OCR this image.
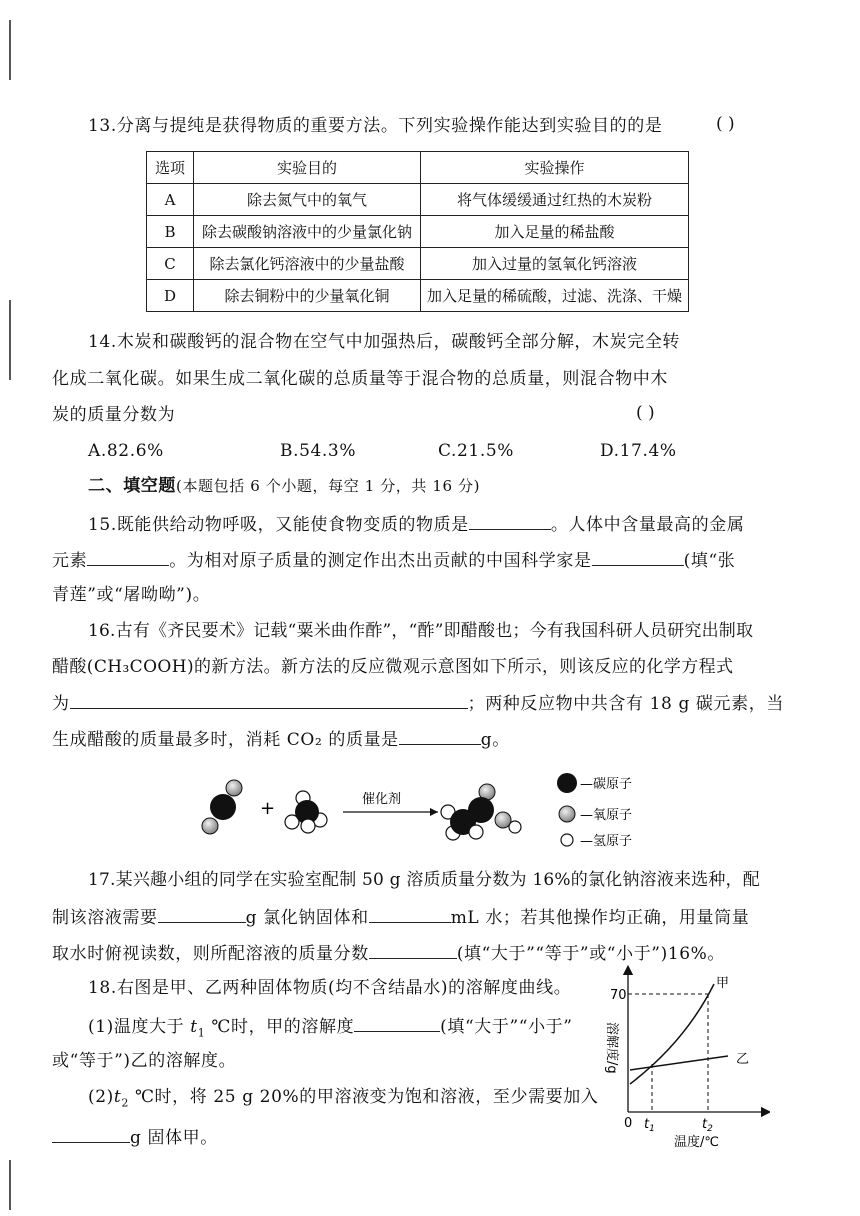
13.分离与提纯是获得物质的重要方法。下列实验操作能达到实验目的的是	( )
选项	实验目的	实验操作
A	除去氮气中的氧气	将气体缓缓通过红热的木炭粉
B	除去碳酸钠溶液中的少量氯化钠	加入足量的稀盐酸
C	除去氯化钙溶液中的少量盐酸	加入过量的氢氧化钙溶液
D	除去铜粉中的少量氧化铜	加入足量的稀硫酸，过滤、洗涤、干燥
14.木炭和碳酸钙的混合物在空气中加强热后，碳酸钙全部分解，木炭完全转
化成二氧化碳。如果生成二氧化碳的总质量等于混合物的总质量，则混合物中木
炭的质量分数为	( )
A.82.6%	B.54.3%	C.21.5%	D.17.4%
二、填空题(本题包括 6 个小题，每空 1 分，共 16 分)
15.既能供给动物呼吸，又能使食物变质的物质是	。人体中含量最高的金属
元素	。为相对原子质量的测定作出杰出贡献的中国科学家是	(填“张
青莲”或“屠呦呦”)。
16.古有《齐民要术》记载“粟米曲作酢”，“酢”即醋酸也；今有我国科研人员研究出制取
醋酸(CH₃COOH)的新方法。新方法的反应微观示意图如下所示，则该反应的化学方程式
为	；两种反应物中共含有 18 g 碳元素，当
生成醋酸的质量最多时，消耗 CO₂ 的质量是	g。
+	催化剂
—碳原子
—氧原子
—氢原子
17.某兴趣小组的同学在实验室配制 50 g 溶质质量分数为 16%的氯化钠溶液来选种，配
制该溶液需要	g 氯化钠固体和	mL 水；若其他操作均正确，用量筒量
取水时俯视读数，则所配溶液的质量分数	(填“大于”“等于”或“小于”)16%。
18.右图是甲、乙两种固体物质(均不含结晶水)的溶解度曲线。
(1)温度大于 $t_1$ ℃时，甲的溶解度	(填“大于”“小于”
或“等于”)乙的溶解度。
$(2)t_2$ ℃时，将 25 g 20%的甲溶液变为饱和溶液，至少需要加入
g 固体甲。
溶解度/g
70
0 $t_1$	$t_2$
温度/℃
甲
乙
